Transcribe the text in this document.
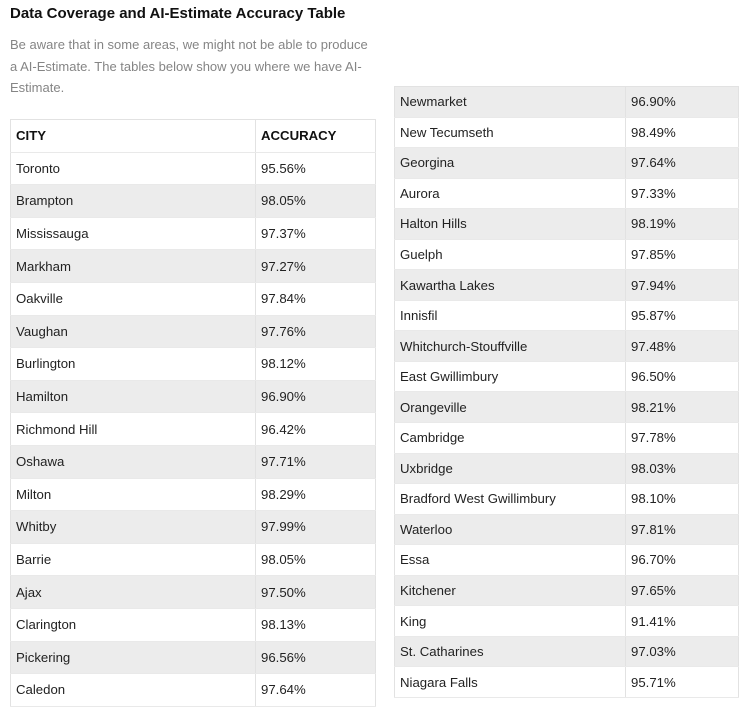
Data Coverage and AI-Estimate Accuracy Table

Be aware that in some areas, we might not be able to produce a AI-Estimate. The tables below show you where we have AI-Estimate.

CITY	ACCURACY
Toronto	95.56%
Brampton	98.05%
Mississauga	97.37%
Markham	97.27%
Oakville	97.84%
Vaughan	97.76%
Burlington	98.12%
Hamilton	96.90%
Richmond Hill	96.42%
Oshawa	97.71%
Milton	98.29%
Whitby	97.99%
Barrie	98.05%
Ajax	97.50%
Clarington	98.13%
Pickering	96.56%
Caledon	97.64%
Newmarket	96.90%
New Tecumseth	98.49%
Georgina	97.64%
Aurora	97.33%
Halton Hills	98.19%
Guelph	97.85%
Kawartha Lakes	97.94%
Innisfil	95.87%
Whitchurch-Stouffville	97.48%
East Gwillimbury	96.50%
Orangeville	98.21%
Cambridge	97.78%
Uxbridge	98.03%
Bradford West Gwillimbury	98.10%
Waterloo	97.81%
Essa	96.70%
Kitchener	97.65%
King	91.41%
St. Catharines	97.03%
Niagara Falls	95.71%
